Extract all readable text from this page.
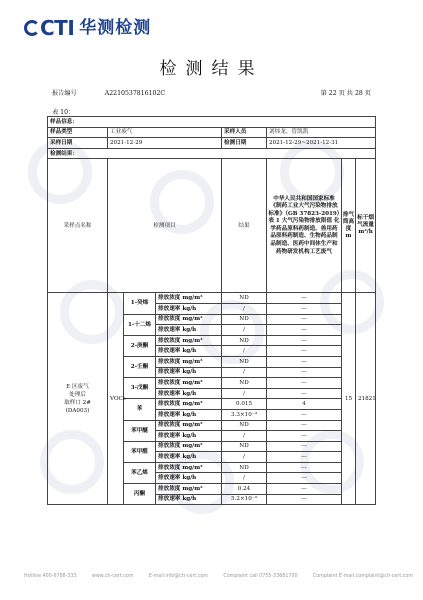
CTI 华测检测
检测结果
报告编号	A2210537816102C	第 22 页 共 28 页
表 10：
样品信息：							
样品类型	工业废气			采样人员	刘炜龙、管凯凯		
采样日期	2021-12-29			检测日期	2021-12-29~2021-12-31		
检测结果：							
采样点名称	检测项目			结果	中华人民共和国国家标准《制药工业大气污染物排放标准》（GB 37823-2019）表 1 大气污染物排放限值 化学药品原料药制造、兽用药品原料药制造、生物药品制品制造、医药中间体生产和药物研发机构工艺废气	排气筒高度 m	标干烟气流量 m³/h

E 区废气
处理后
取样口 2#
(DA003)	VOCs	1-癸烯	排放浓度 mg/m³	ND	---	15	21821
			排放速率 kg/h	/	---		
		1-十二烯	排放浓度 mg/m³	ND	---		
			排放速率 kg/h	/	---		
		2-庚酮	排放浓度 mg/m³	ND	---		
			排放速率 kg/h	/	---		
		2-壬酮	排放浓度 mg/m³	ND	---		
			排放速率 kg/h	/	---		
		3-戊酮	排放浓度 mg/m³	ND	---		
			排放速率 kg/h	/	---		
		苯	排放浓度 mg/m³	0.015	4		
			排放速率 kg/h	3.3×10⁻⁴	---		
		苯甲醚	排放浓度 mg/m³	ND	---		
			排放速率 kg/h	/	---		
		苯甲醛	排放浓度 mg/m³	ND	---		
			排放速率 kg/h	/	---		
		苯乙烯	排放浓度 mg/m³	ND	---		
			排放速率 kg/h	/	---		
		丙酮	排放浓度 mg/m³	0.24	---		
			排放速率 kg/h	5.2×10⁻³	---		
Hotline 400-6788-333	www.cti-cert.com	E-mail:info@cti-cert.com	Complaint call 0755-33681700	Complaint E-mail:complaint@cti-cert.com
